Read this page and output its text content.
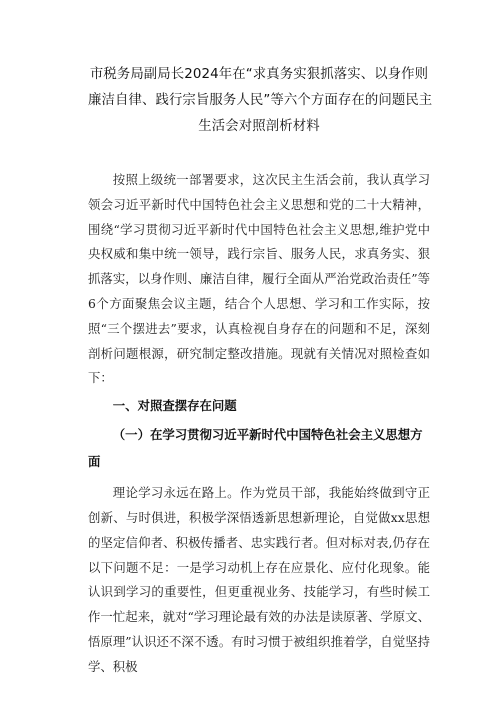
市税务局副局长2024年在“求真务实狠抓落实、以身作则
廉洁自律、践行宗旨服务人民”等六个方面存在的问题民主
生活会对照剖析材料

按照上级统一部署要求，这次民主生活会前，我认真学习领会习近平新时代中国特色社会主义思想和党的二十大精神，围绕“学习贯彻习近平新时代中国特色社会主义思想,维护党中央权威和集中统一领导，践行宗旨、服务人民，求真务实、狠抓落实，以身作则、廉洁自律，履行全面从严治党政治责任”等6个方面聚焦会议主题，结合个人思想、学习和工作实际，按照“三个摆进去”要求，认真检视自身存在的问题和不足，深刻剖析问题根源，研究制定整改措施。现就有关情况对照检查如下：

一、对照查摆存在问题
（一）在学习贯彻习近平新时代中国特色社会主义思想方面

理论学习永远在路上。作为党员干部，我能始终做到守正创新、与时俱进，积极学深悟透新思想新理论，自觉做xx思想的坚定信仰者、积极传播者、忠实践行者。但对标对表,仍存在以下问题不足：一是学习动机上存在应景化、应付化现象。能认识到学习的重要性，但更重视业务、技能学习，有些时候工作一忙起来，就对“学习理论最有效的办法是读原著、学原文、悟原理”认识还不深不透。有时习惯于被组织推着学，自觉坚持学、积极
